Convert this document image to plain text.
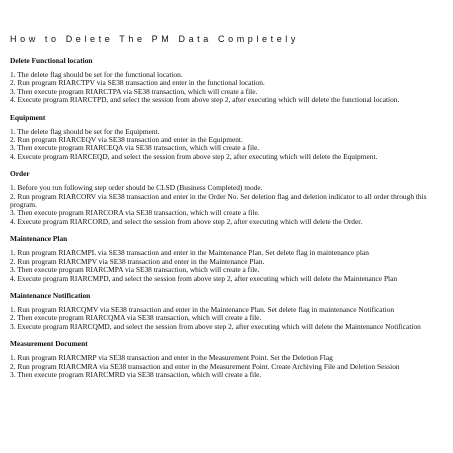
How to Delete The PM Data Completely
Delete Functional location
1. The delete flag should be set for the functional location.
2. Run program RIARCTPV via SE38 transaction and enter in the functional location.
3. Then execute program RIARCTPA via SE38 transaction, which will create a file.
4. Execute program RIARCTPD, and select the session from above step 2, after executing which will delete the functional location.
Equipment
1. The delete flag should be set for the Equipment.
2. Run program RIARCEQV via SE38 transaction and enter in the Equipment.
3. Then execute program RIARCEQA via SE38 transaction, which will create a file.
4. Execute program RIARCEQD, and select the session from above step 2, after executing which will delete the Equipment.
Order
1. Before you run following step order should be CLSD (Business Completed) mode.
2. Run program RIARCORV via SE38 transaction and enter in the Order No. Set deletion flag and deletion indicator to all order through this program.
3. Then execute program RIARCORA via SE38 transaction, which will create a file.
4. Execute program RIARCORD, and select the session from above step 2, after executing which will delete the Order.
Maintenance Plan
1. Run program RIARCMPL via SE38 transaction and enter in the Maintenance Plan. Set delete flag in maintenance plan
2. Run program RIARCMPV via SE38 transaction and enter in the Maintenance Plan.
3. Then execute program RIARCMPA via SE38 transaction, which will create a file.
4. Execute program RIARCMPD, and select the session from above step 2, after executing which will delete the Maintenance Plan
Maintenance Notification
1. Run program RIARCQMV via SE38 transaction and enter in the Maintenance Plan. Set delete flag in maintenance Notification
2. Then execute program RIARCQMA via SE38 transaction, which will create a file.
3. Execute program RIARCQMD, and select the session from above step 2, after executing which will delete the Maintenance Notification
Measurement Document
1. Run program RIARCMRP via SE38 transaction and enter in the Measurement Point. Set the Deletion Flag
2. Run program RIARCMRA via SE38 transaction and enter in the Measurement Point. Create Archiving File and Deletion Session
3. Then execute program RIARCMRD via SE38 transaction, which will create a file.
